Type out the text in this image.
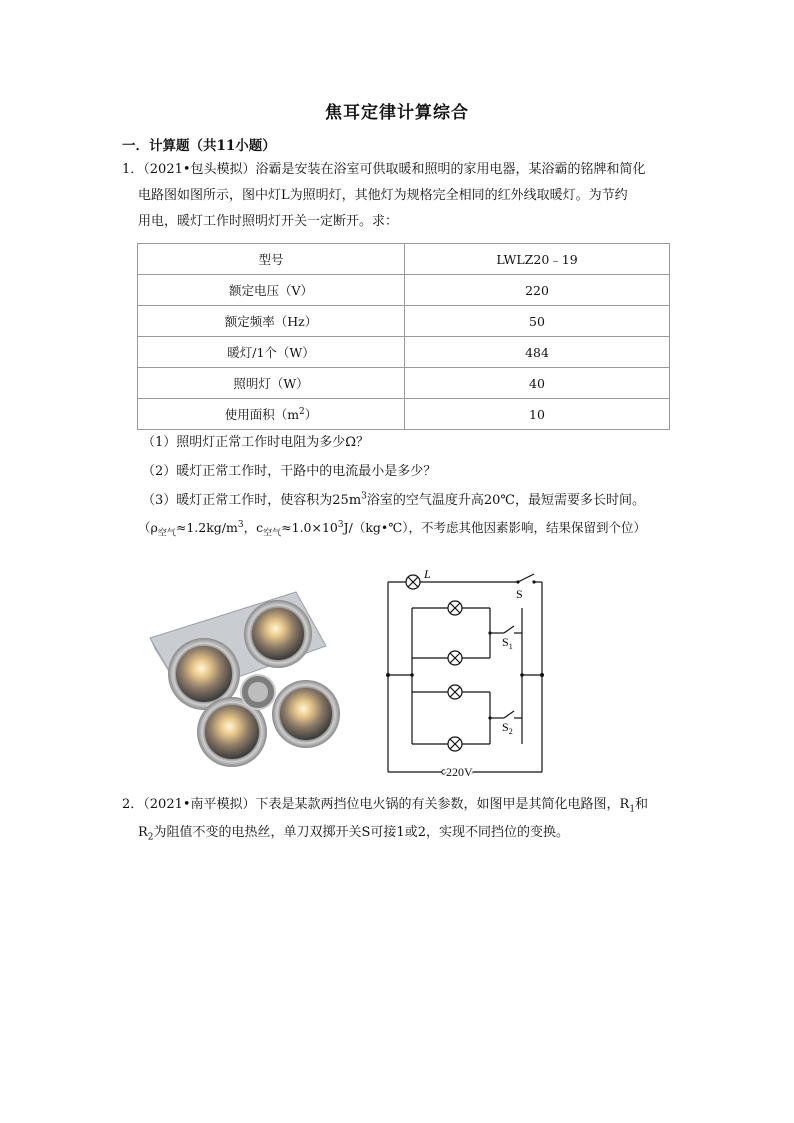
焦耳定律计算综合
一．计算题（共11小题）
1．（2021•包头模拟）浴霸是安装在浴室可供取暖和照明的家用电器，某浴霸的铭牌和简化
电路图如图所示，图中灯L为照明灯，其他灯为规格完全相同的红外线取暖灯。为节约
用电，暖灯工作时照明灯开关一定断开。求：
型号	LWLZ20﹣19
额定电压（V）	220
额定频率（Hz）	50
暖灯/1个（W）	484
照明灯（W）	40
使用面积$(m^2)$	10
（1）照明灯正常工作时电阻为多少Ω？
（2）暖灯正常工作时，干路中的电流最小是多少？
（3）暖灯正常工作时，使容积为$25m^3$浴室的空气温度升高20℃，最短需要多长时间。
（$\rho_{空气}\approx 1.2kg/m^3$，$c_{空气}\approx 1.0\times 10^3J/(kg•℃)$，不考虑其他因素影响，结果保留到个位）
L
S
$S_1$
$S_2$
220V
2．（2021•南平模拟）下表是某款两挡位电火锅的有关参数，如图甲是其简化电路图，$R_1$和
$R_2$为阻值不变的电热丝，单刀双掷开关S可接1或2，实现不同挡位的变换。
